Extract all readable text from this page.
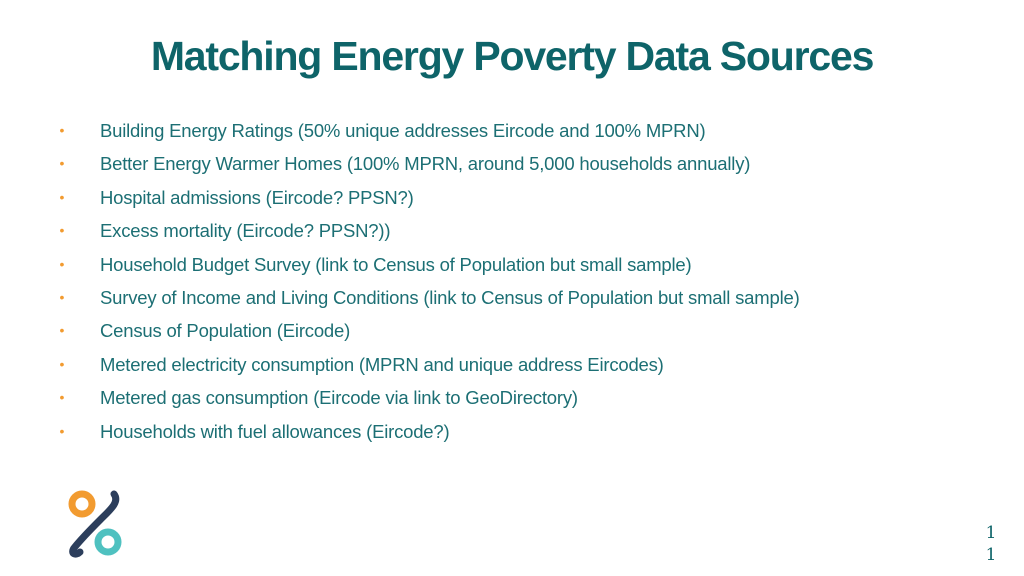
Matching Energy Poverty Data Sources
• Building Energy Ratings (50% unique addresses Eircode and 100% MPRN)
• Better Energy Warmer Homes (100% MPRN, around 5,000 households annually)
• Hospital admissions (Eircode? PPSN?)
• Excess mortality (Eircode? PPSN?))
• Household Budget Survey (link to Census of Population but small sample)
• Survey of Income and Living Conditions (link to Census of Population but small sample)
• Census of Population (Eircode)
• Metered electricity consumption (MPRN and unique address Eircodes)
• Metered gas consumption (Eircode via link to GeoDirectory)
• Households with fuel allowances (Eircode?)
11
